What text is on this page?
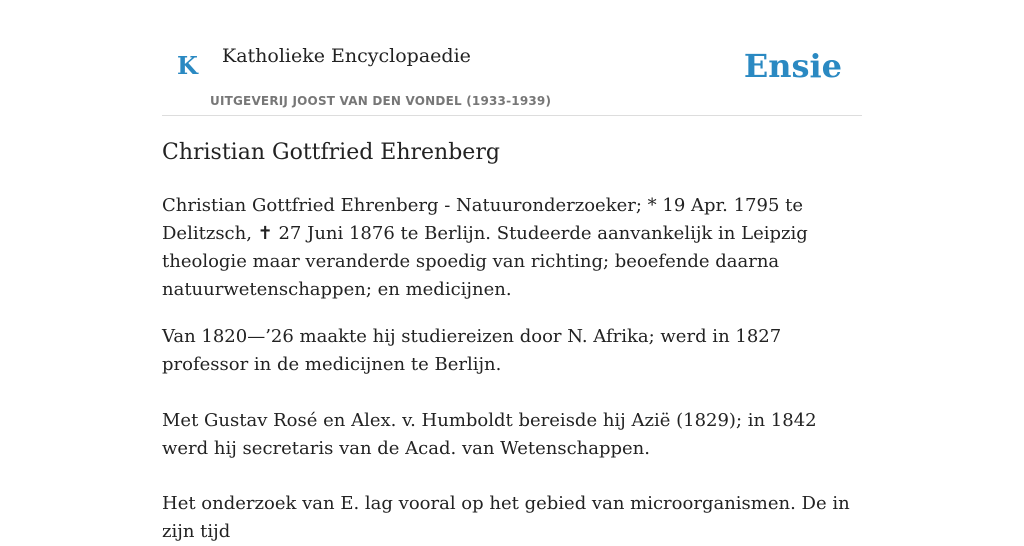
K Katholieke Encyclopaedie
UITGEVERIJ JOOST VAN DEN VONDEL (1933-1939)
Ensie
Christian Gottfried Ehrenberg

Christian Gottfried Ehrenberg - Natuuronderzoeker; * 19 Apr. 1795 te Delitzsch, ✝ 27 Juni 1876 te Berlijn. Studeerde aanvankelijk in Leipzig theologie maar veranderde spoedig van richting; beoefende daarna natuurwetenschappen; en medicijnen.

Van 1820—’26 maakte hij studiereizen door N. Afrika; werd in 1827 professor in de medicijnen te Berlijn.

Met Gustav Rosé en Alex. v. Humboldt bereisde hij Azië (1829); in 1842 werd hij secretaris van de Acad. van Wetenschappen.

Het onderzoek van E. lag vooral op het gebied van microorganismen. De in zijn tijd
